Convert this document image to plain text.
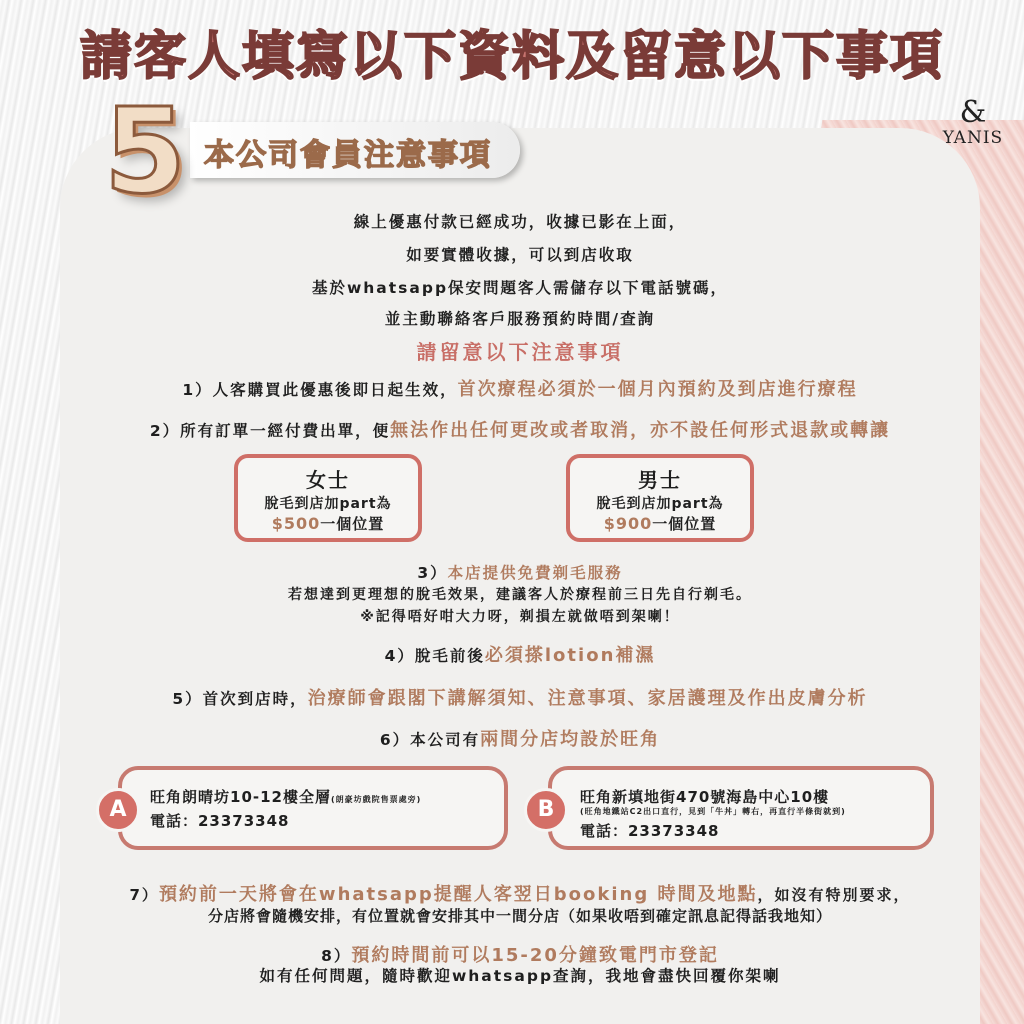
請客人填寫以下資料及留意以下事項
本公司會員注意事項
5	&
YANIS
線上優惠付款已經成功，收據已影在上面，
如要實體收據，可以到店收取
基於whatsapp保安問題客人需儲存以下電話號碼，
並主動聯絡客戶服務預約時間/查詢
請留意以下注意事項
1）人客購買此優惠後即日起生效，首次療程必須於一個月內預約及到店進行療程
2）所有訂單一經付費出單，便無法作出任何更改或者取消，亦不設任何形式退款或轉讓
女士
脫毛到店加part為
$500一個位置
男士
脫毛到店加part為
$900一個位置
3）本店提供免費剃毛服務
若想達到更理想的脫毛效果，建議客人於療程前三日先自行剃毛。
※記得唔好咁大力呀，剃損左就做唔到架喇！
4）脫毛前後必須搽lotion補濕
5）首次到店時，治療師會跟閣下講解須知、注意事項、家居護理及作出皮膚分析
6）本公司有兩間分店均設於旺角
旺角朗晴坊10-12樓全層(朗豪坊戲院售票處旁)
電話：23373348
A	旺角新填地街470號海島中心10樓
(旺角地鐵站C2出口直行，見到「牛丼」轉右，再直行半條街就到)
電話：23373348
B
7）預約前一天將會在whatsapp提醒人客翌日booking 時間及地點，如沒有特別要求，
分店將會隨機安排，有位置就會安排其中一間分店（如果收唔到確定訊息記得話我地知）
8）預約時間前可以15-20分鐘致電門市登記
如有任何問題，隨時歡迎whatsapp查詢，我地會盡快回覆你架喇
